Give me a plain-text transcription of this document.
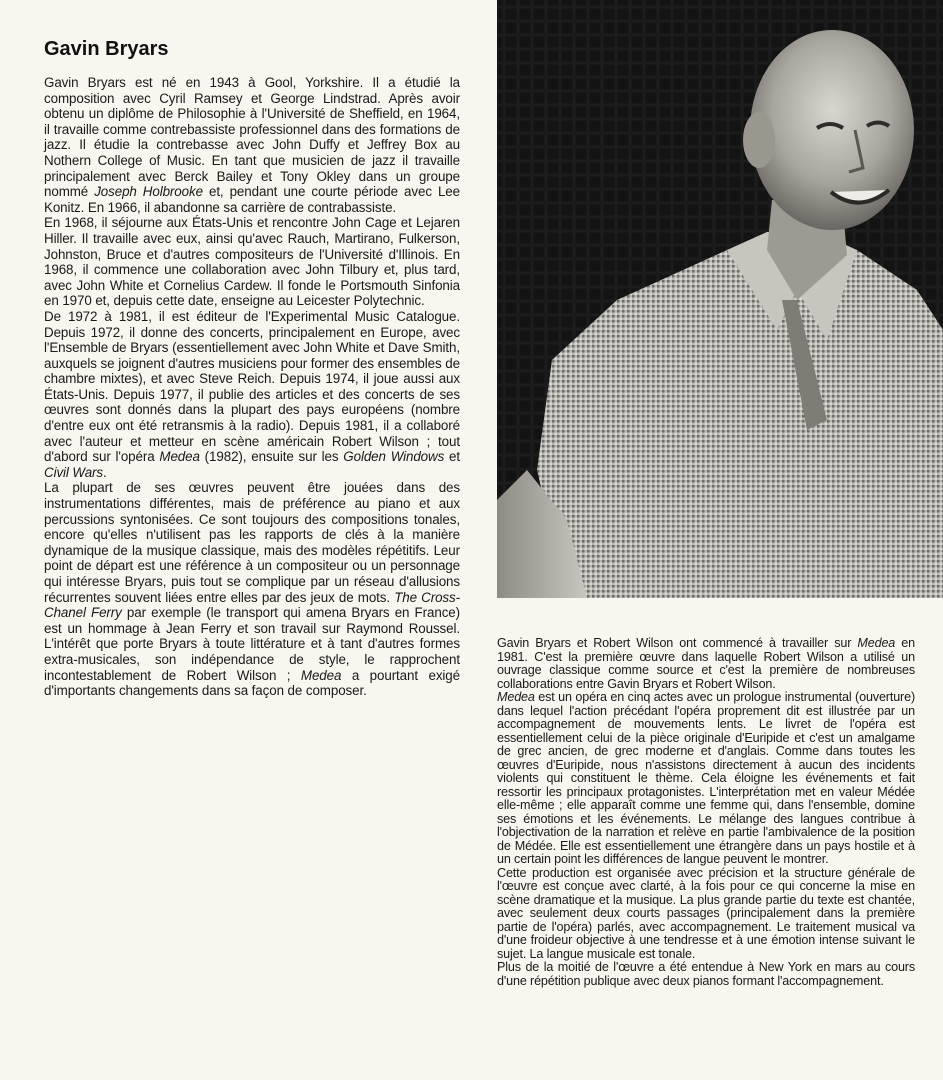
Gavin Bryars

Gavin Bryars est né en 1943 à Gool, Yorkshire. Il a étudié la composition avec Cyril Ramsey et George Lindstrad. Après avoir obtenu un diplôme de Philosophie à l'Université de Sheffield, en 1964, il travaille comme contrebassiste professionnel dans des formations de jazz. Il étudie la contrebasse avec John Duffy et Jeffrey Box au Nothern College of Music. En tant que musicien de jazz il travaille principalement avec Berck Bailey et Tony Okley dans un groupe nommé Joseph Holbrooke et, pendant une courte période avec Lee Konitz. En 1966, il abandonne sa carrière de contrabassiste.

En 1968, il séjourne aux États-Unis et rencontre John Cage et Lejaren Hiller. Il travaille avec eux, ainsi qu'avec Rauch, Martirano, Fulkerson, Johnston, Bruce et d'autres compositeurs de l'Université d'Illinois. En 1968, il commence une collaboration avec John Tilbury et, plus tard, avec John White et Cornelius Cardew. Il fonde le Portsmouth Sinfonia en 1970 et, depuis cette date, enseigne au Leicester Polytechnic.

De 1972 à 1981, il est éditeur de l'Experimental Music Catalogue. Depuis 1972, il donne des concerts, principalement en Europe, avec l'Ensemble de Bryars (essentiellement avec John White et Dave Smith, auxquels se joignent d'autres musiciens pour former des ensembles de chambre mixtes), et avec Steve Reich. Depuis 1974, il joue aussi aux États-Unis. Depuis 1977, il publie des articles et des concerts de ses œuvres sont donnés dans la plupart des pays européens (nombre d'entre eux ont été retransmis à la radio). Depuis 1981, il a collaboré avec l'auteur et metteur en scène américain Robert Wilson ; tout d'abord sur l'opéra Medea (1982), ensuite sur les Golden Windows et Civil Wars.

La plupart de ses œuvres peuvent être jouées dans des instrumentations différentes, mais de préférence au piano et aux percussions syntonisées. Ce sont toujours des compositions tonales, encore qu'elles n'utilisent pas les rapports de clés à la manière dynamique de la musique classique, mais des modèles répétitifs. Leur point de départ est une référence à un compositeur ou un personnage qui intéresse Bryars, puis tout se complique par un réseau d'allusions récurrentes souvent liées entre elles par des jeux de mots. The Cross-Chanel Ferry par exemple (le transport qui amena Bryars en France) est un hommage à Jean Ferry et son travail sur Raymond Roussel. L'intérêt que porte Bryars à toute littérature et à tant d'autres formes extra-musicales, son indépendance de style, le rapprochent incontestablement de Robert Wilson ; Medea a pourtant exigé d'importants changements dans sa façon de composer.

Gavin Bryars et Robert Wilson ont commencé à travailler sur Medea en 1981. C'est la première œuvre dans laquelle Robert Wilson a utilisé un ouvrage classique comme source et c'est la première de nombreuses collaborations entre Gavin Bryars et Robert Wilson.

Medea est un opéra en cinq actes avec un prologue instrumental (ouverture) dans lequel l'action précédant l'opéra proprement dit est illustrée par un accompagnement de mouvements lents. Le livret de l'opéra est essentiellement celui de la pièce originale d'Euripide et c'est un amalgame de grec ancien, de grec moderne et d'anglais. Comme dans toutes les œuvres d'Euripide, nous n'assistons directement à aucun des incidents violents qui constituent le thème. Cela éloigne les événements et fait ressortir les principaux protagonistes. L'interprétation met en valeur Médée elle-même ; elle apparaît comme une femme qui, dans l'ensemble, domine ses émotions et les événements. Le mélange des langues contribue à l'objectivation de la narration et relève en partie l'ambivalence de la position de Médée. Elle est essentiellement une étrangère dans un pays hostile et à un certain point les différences de langue peuvent le montrer.

Cette production est organisée avec précision et la structure générale de l'œuvre est conçue avec clarté, à la fois pour ce qui concerne la mise en scène dramatique et la musique. La plus grande partie du texte est chantée, avec seulement deux courts passages (principalement dans la première partie de l'opéra) parlés, avec accompagnement. Le traitement musical va d'une froideur objective à une tendresse et à une émotion intense suivant le sujet. La langue musicale est tonale.

Plus de la moitié de l'œuvre a été entendue à New York en mars au cours d'une répétition publique avec deux pianos formant l'accompagnement.
